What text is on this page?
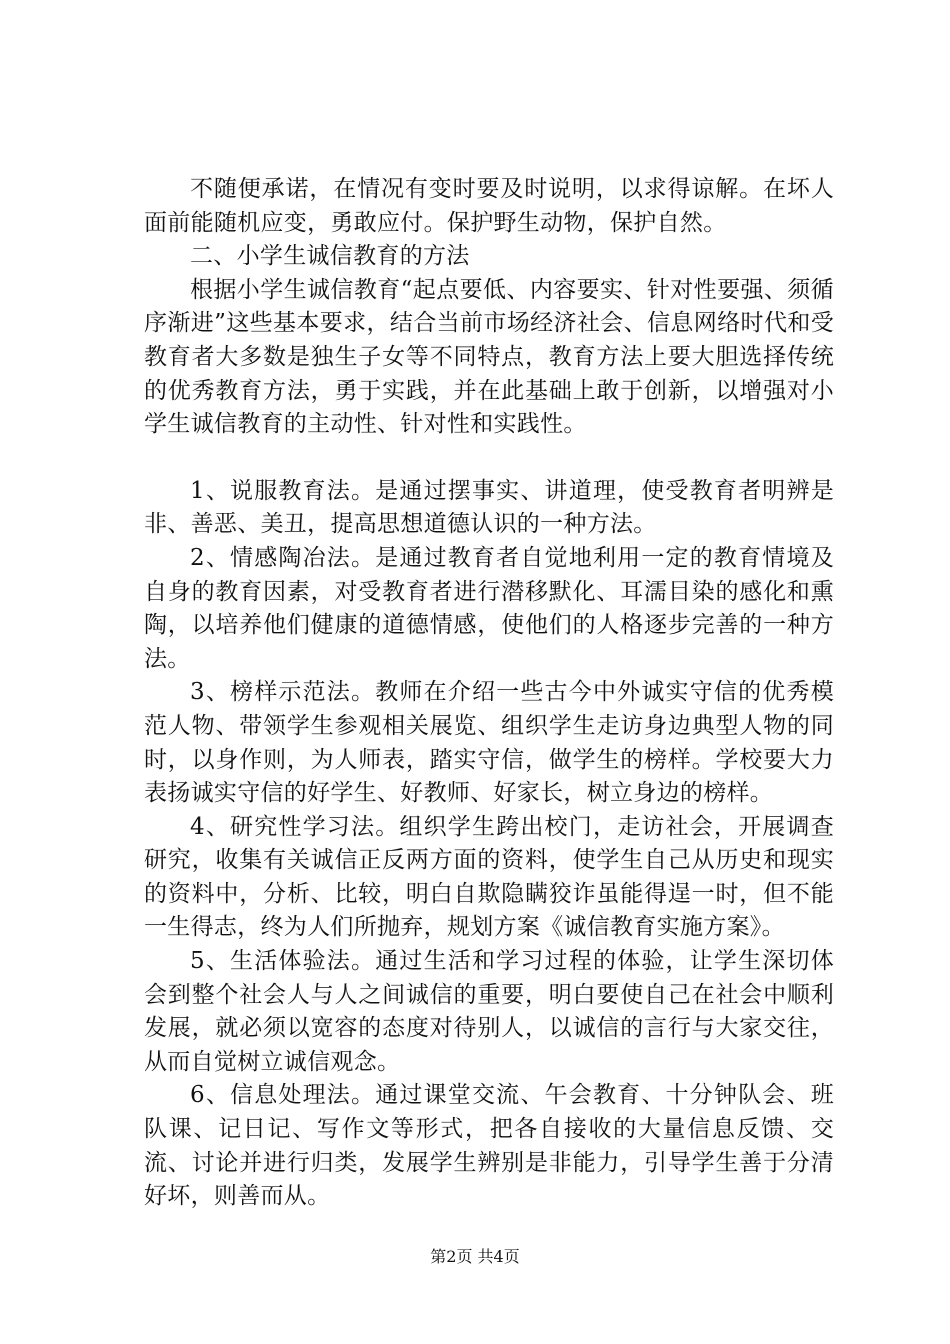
不随便承诺，在情况有变时要及时说明，以求得谅解。在坏人面前能随机应变，勇敢应付。保护野生动物，保护自然。

二、小学生诚信教育的方法

根据小学生诚信教育“起点要低、内容要实、针对性要强、须循序渐进”这些基本要求，结合当前市场经济社会、信息网络时代和受教育者大多数是独生子女等不同特点，教育方法上要大胆选择传统的优秀教育方法，勇于实践，并在此基础上敢于创新，以增强对小学生诚信教育的主动性、针对性和实践性。

1、说服教育法。是通过摆事实、讲道理，使受教育者明辨是非、善恶、美丑，提高思想道德认识的一种方法。

2、情感陶冶法。是通过教育者自觉地利用一定的教育情境及自身的教育因素，对受教育者进行潜移默化、耳濡目染的感化和熏陶，以培养他们健康的道德情感，使他们的人格逐步完善的一种方法。

3、榜样示范法。教师在介绍一些古今中外诚实守信的优秀模范人物、带领学生参观相关展览、组织学生走访身边典型人物的同时，以身作则，为人师表，踏实守信，做学生的榜样。学校要大力表扬诚实守信的好学生、好教师、好家长，树立身边的榜样。

4、研究性学习法。组织学生跨出校门，走访社会，开展调查研究，收集有关诚信正反两方面的资料，使学生自己从历史和现实的资料中，分析、比较，明白自欺隐瞒狡诈虽能得逞一时，但不能一生得志，终为人们所抛弃，规划方案《诚信教育实施方案》。

5、生活体验法。通过生活和学习过程的体验，让学生深切体会到整个社会人与人之间诚信的重要，明白要使自己在社会中顺利发展，就必须以宽容的态度对待别人，以诚信的言行与大家交往，从而自觉树立诚信观念。

6、信息处理法。通过课堂交流、午会教育、十分钟队会、班队课、记日记、写作文等形式，把各自接收的大量信息反馈、交流、讨论并进行归类，发展学生辨别是非能力，引导学生善于分清好坏，则善而从。

第2页 共4页
